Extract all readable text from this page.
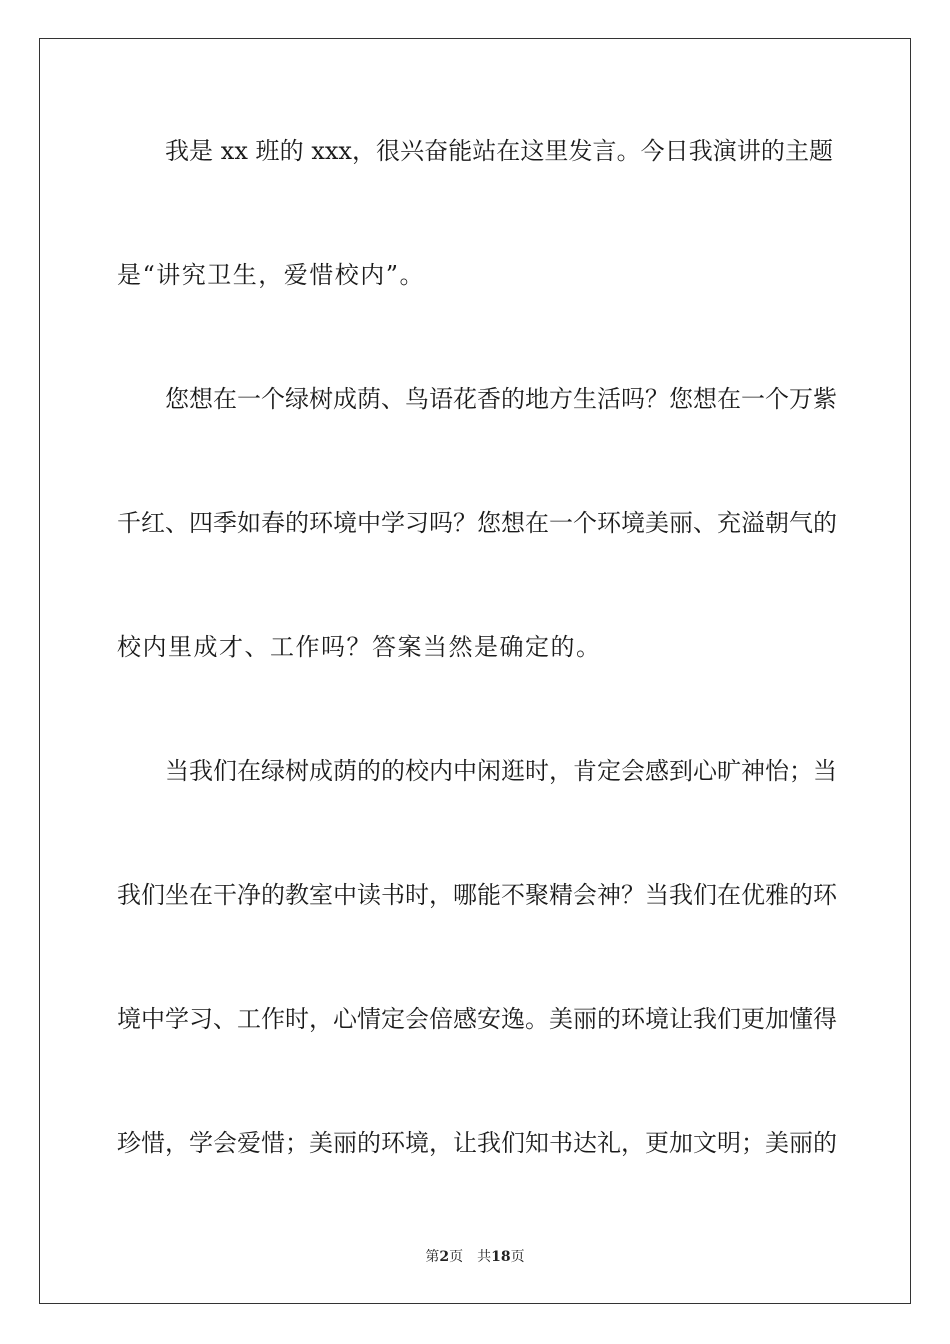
我是 xx 班的 xxx，很兴奋能站在这里发言。今日我演讲的主题
是“讲究卫生，爱惜校内”。
您想在一个绿树成荫、鸟语花香的地方生活吗？您想在一个万紫
千红、四季如春的环境中学习吗？您想在一个环境美丽、充溢朝气的
校内里成才、工作吗？答案当然是确定的。
当我们在绿树成荫的的校内中闲逛时，肯定会感到心旷神怡；当
我们坐在干净的教室中读书时，哪能不聚精会神？当我们在优雅的环
境中学习、工作时，心情定会倍感安逸。美丽的环境让我们更加懂得
珍惜，学会爱惜；美丽的环境，让我们知书达礼，更加文明；美丽的
第2页 共18页
